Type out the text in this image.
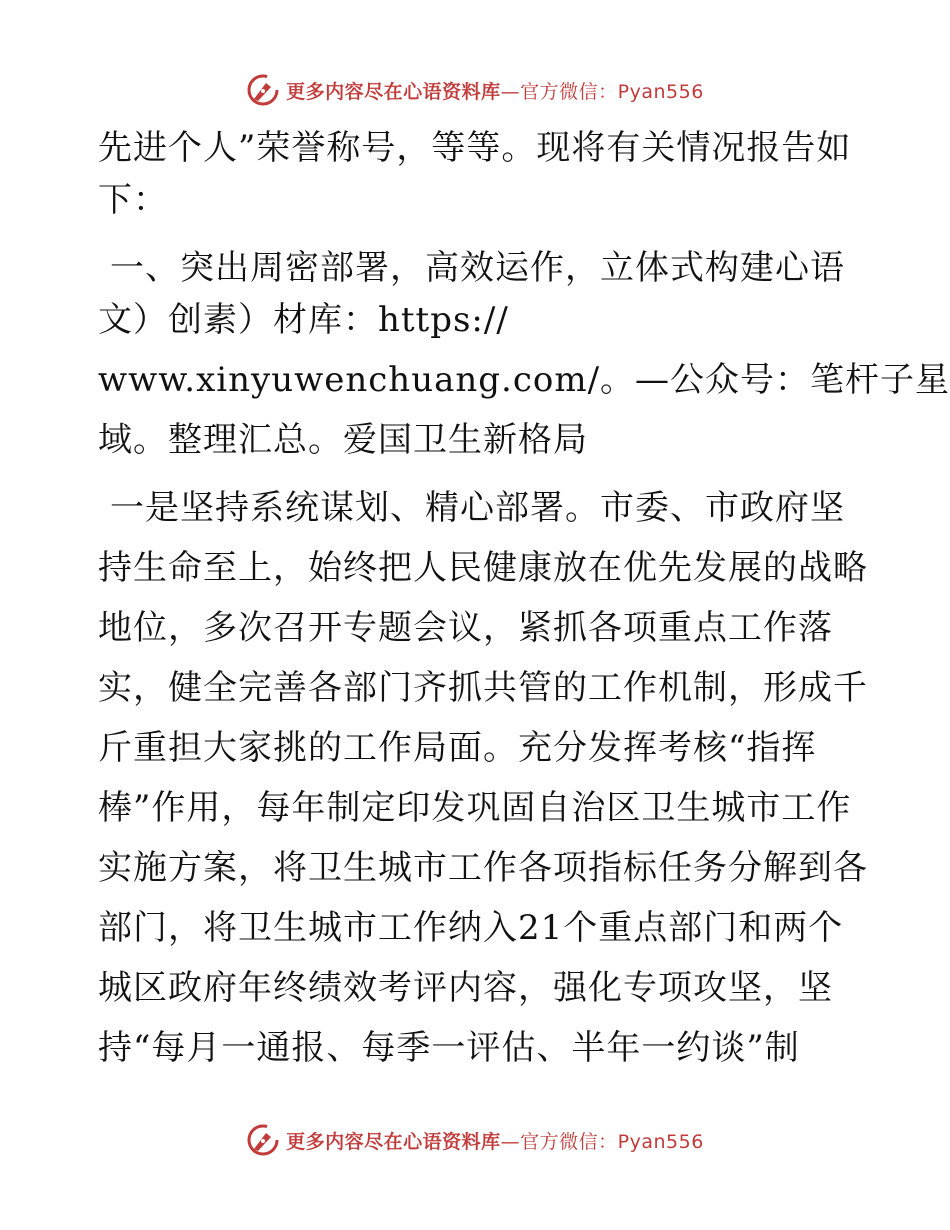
更多内容尽在心语资料库—官方微信：Pyan556
先进个人”荣誉称号，等等。现将有关情况报告如
下：
一、突出周密部署，高效运作，立体式构建心语
文）创素）材库：https://
www.xinyuwenchuang.com/。—公众号：笔杆子星
域。整理汇总。爱国卫生新格局
一是坚持系统谋划、精心部署。市委、市政府坚
持生命至上，始终把人民健康放在优先发展的战略
地位，多次召开专题会议，紧抓各项重点工作落
实，健全完善各部门齐抓共管的工作机制，形成千
斤重担大家挑的工作局面。充分发挥考核“指挥
棒”作用，每年制定印发巩固自治区卫生城市工作
实施方案，将卫生城市工作各项指标任务分解到各
部门，将卫生城市工作纳入21个重点部门和两个
城区政府年终绩效考评内容，强化专项攻坚，坚
持“每月一通报、每季一评估、半年一约谈”制
更多内容尽在心语资料库—官方微信：Pyan556
